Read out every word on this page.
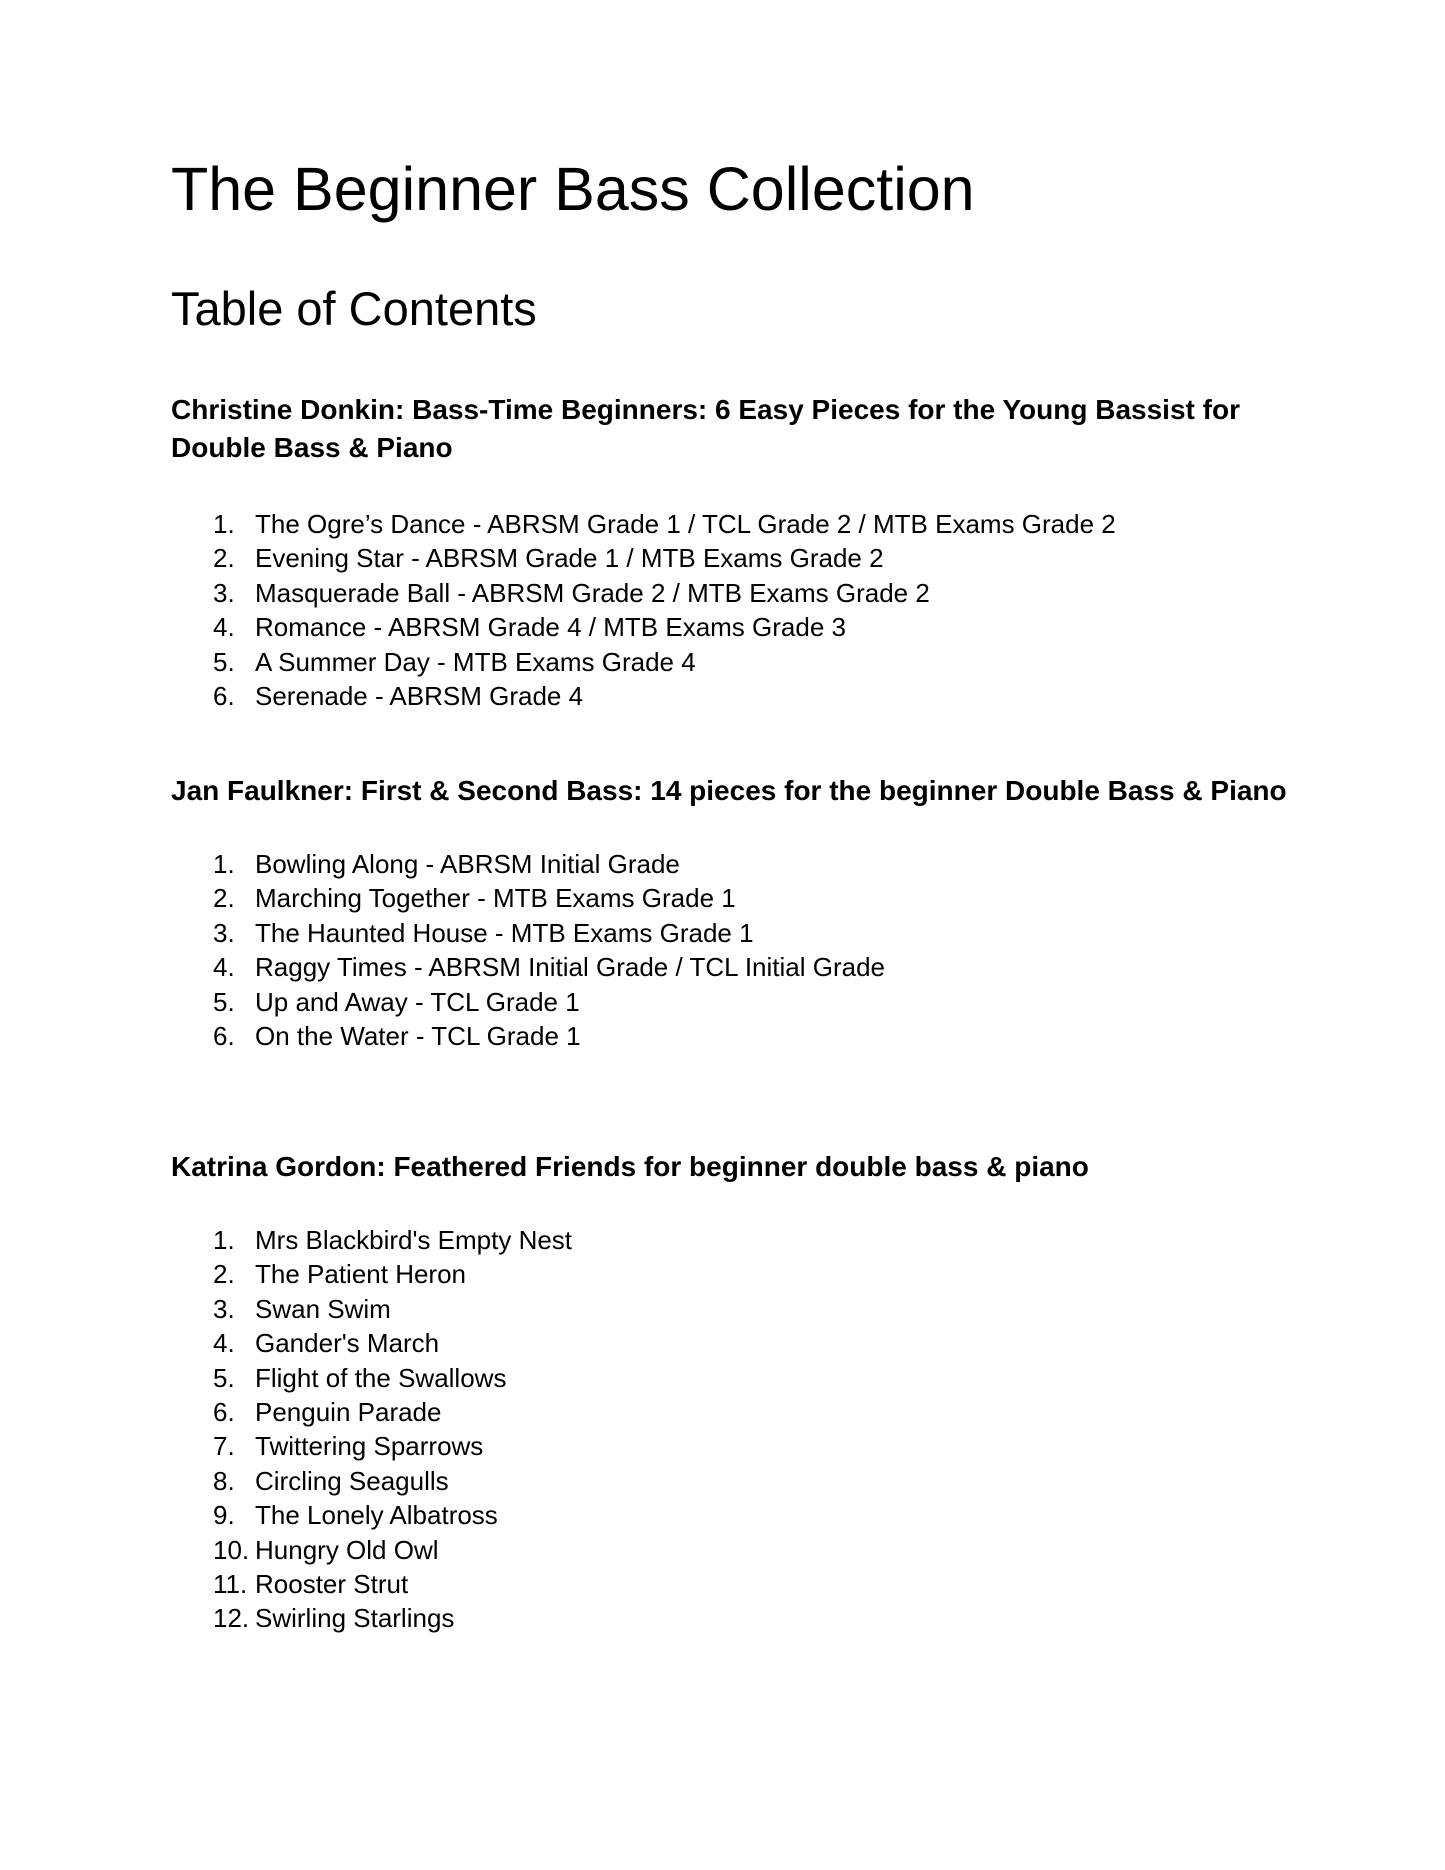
The Beginner Bass Collection
Table of Contents
Christine Donkin: Bass-Time Beginners: 6 Easy Pieces for the Young Bassist for Double Bass & Piano
1. The Ogre’s Dance - ABRSM Grade 1 / TCL Grade 2 / MTB Exams Grade 2
2. Evening Star - ABRSM Grade 1 / MTB Exams Grade 2
3. Masquerade Ball - ABRSM Grade 2 / MTB Exams Grade 2
4. Romance - ABRSM Grade 4 / MTB Exams Grade 3
5. A Summer Day - MTB Exams Grade 4
6. Serenade - ABRSM Grade 4
Jan Faulkner: First & Second Bass: 14 pieces for the beginner Double Bass & Piano
1. Bowling Along - ABRSM Initial Grade
2. Marching Together - MTB Exams Grade 1
3. The Haunted House - MTB Exams Grade 1
4. Raggy Times - ABRSM Initial Grade / TCL Initial Grade
5. Up and Away - TCL Grade 1
6. On the Water - TCL Grade 1
Katrina Gordon: Feathered Friends for beginner double bass & piano
1. Mrs Blackbird's Empty Nest
2. The Patient Heron
3. Swan Swim
4. Gander's March
5. Flight of the Swallows
6. Penguin Parade
7. Twittering Sparrows
8. Circling Seagulls
9. The Lonely Albatross
10. Hungry Old Owl
11. Rooster Strut
12. Swirling Starlings
